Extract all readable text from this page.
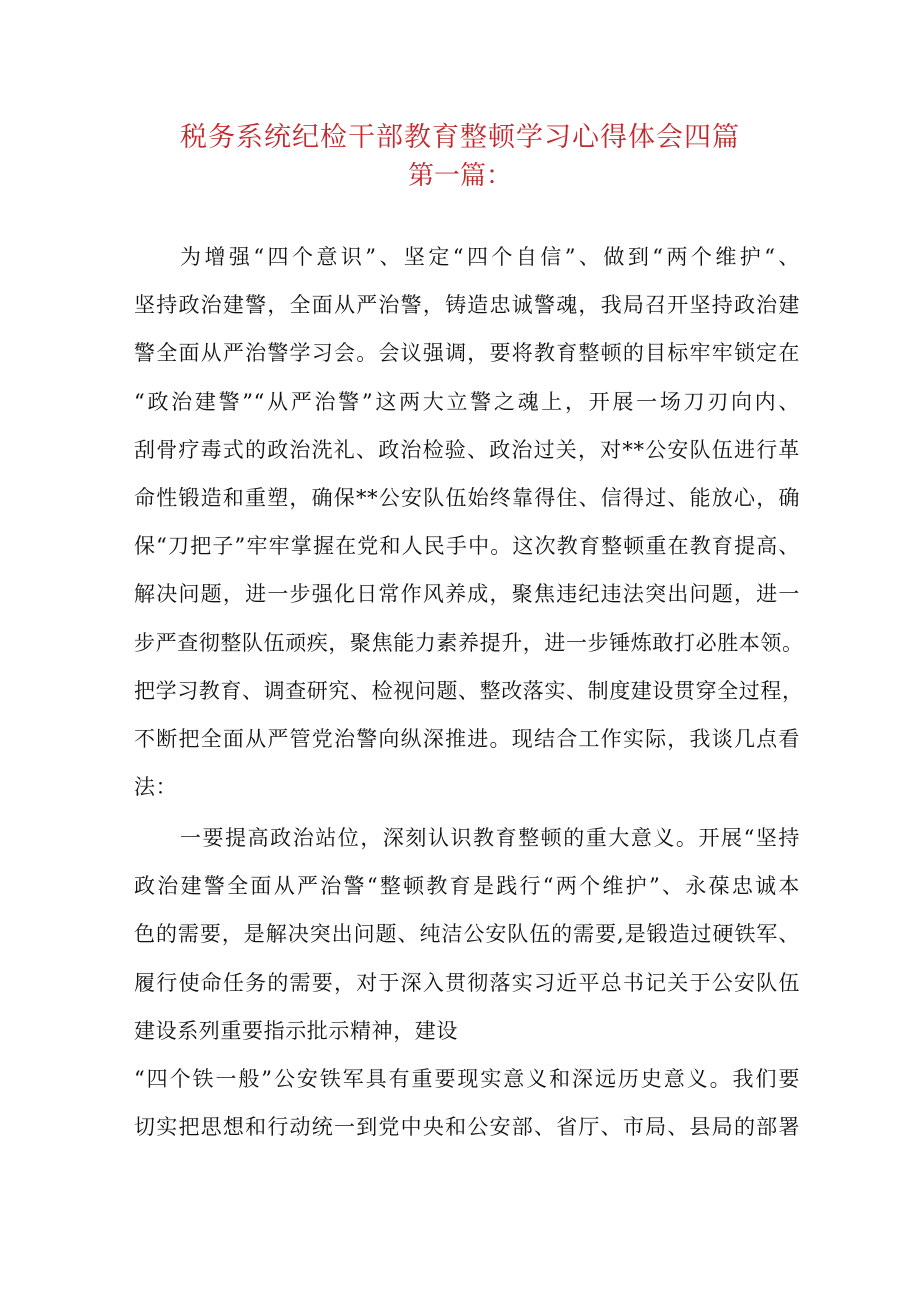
税务系统纪检干部教育整顿学习心得体会四篇
第一篇：
为增强“四个意识”、坚定“四个自信”、做到“两个维护“、
坚持政治建警，全面从严治警，铸造忠诚警魂，我局召开坚持政治建
警全面从严治警学习会。会议强调，要将教育整顿的目标牢牢锁定在
“政治建警”“从严治警”这两大立警之魂上，开展一场刀刃向内、
刮骨疗毒式的政治洗礼、政治检验、政治过关，对**公安队伍进行革
命性锻造和重塑，确保**公安队伍始终靠得住、信得过、能放心，确
保“刀把子”牢牢掌握在党和人民手中。这次教育整顿重在教育提高、
解决问题，进一步强化日常作风养成，聚焦违纪违法突出问题，进一
步严查彻整队伍顽疾，聚焦能力素养提升，进一步锤炼敢打必胜本领。
把学习教育、调查研究、检视问题、整改落实、制度建设贯穿全过程，
不断把全面从严管党治警向纵深推进。现结合工作实际，我谈几点看
法：
一要提高政治站位，深刻认识教育整顿的重大意义。开展“坚持
政治建警全面从严治警“整顿教育是践行“两个维护”、永葆忠诚本
色的需要，是解决突出问题、纯洁公安队伍的需要,是锻造过硬铁军、
履行使命任务的需要，对于深入贯彻落实习近平总书记关于公安队伍
建设系列重要指示批示精神，建设
“四个铁一般”公安铁军具有重要现实意义和深远历史意义。我们要
切实把思想和行动统一到党中央和公安部、省厅、市局、县局的部署
